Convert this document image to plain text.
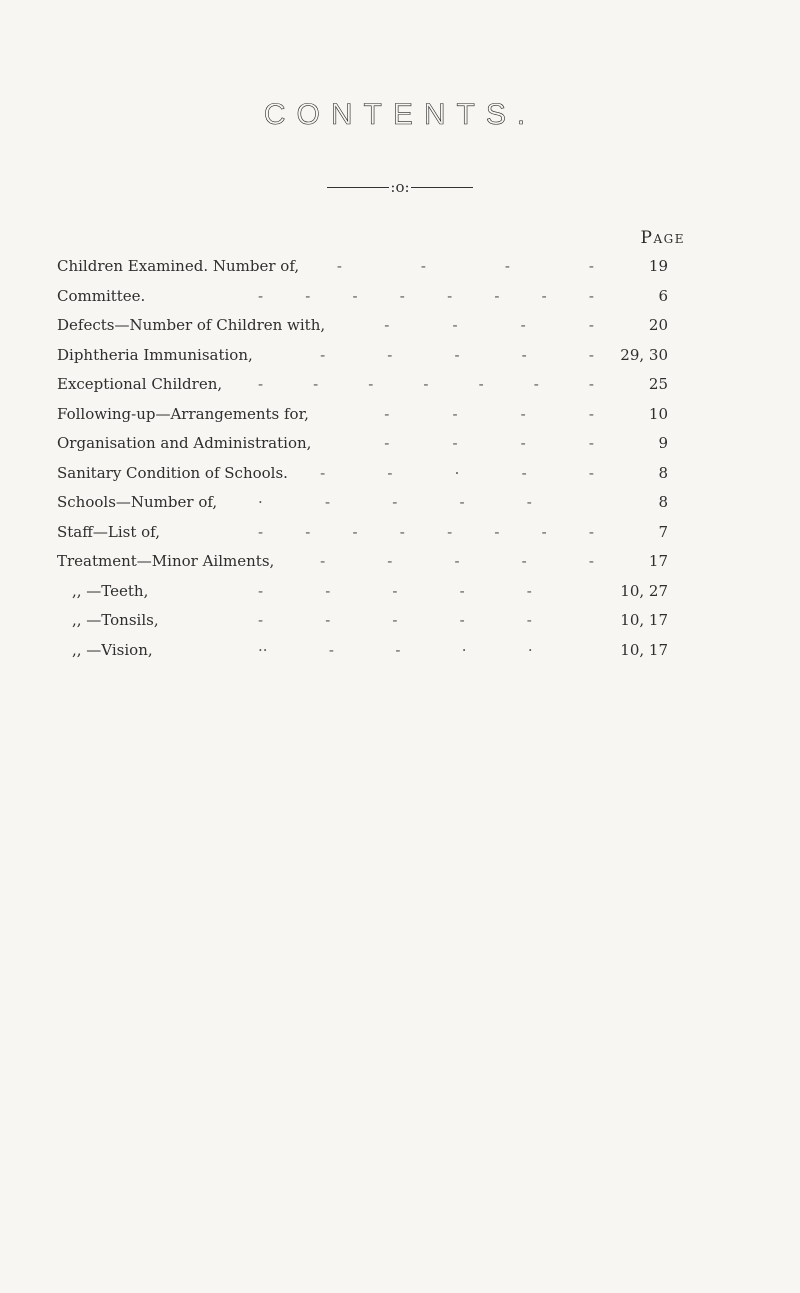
CONTENTS.
:o:
Page
Children Examined. Number of,	-	-	-	-	19
Committee.	-	-	-	-	-	-	-	-	6
Defects—Number of Children with,	-	-	-	-	20
Diphtheria Immunisation,	-	-	-	-	- 29, 30
Exceptional Children, -	-	-	-	-	-	-	25
Following-up—Arrangements for,	-	-	-	-	10
Organisation and Administration,	-	-	-	-	9
Sanitary Condition of Schools. -	-	·	-	-	8
Schools—Number of,	·	-	-	-	-	8
Staff—List of,	-	-	-	-	-	-	-	-	7
Treatment—Minor Ailments,	-	-	-	-	-	17
,, —Teeth,	-	-	-	-	-	10, 27
,, —Tonsils,	-	-	-	-	-	10, 17
,, —Vision,	··	-	-	·	·	10, 17
